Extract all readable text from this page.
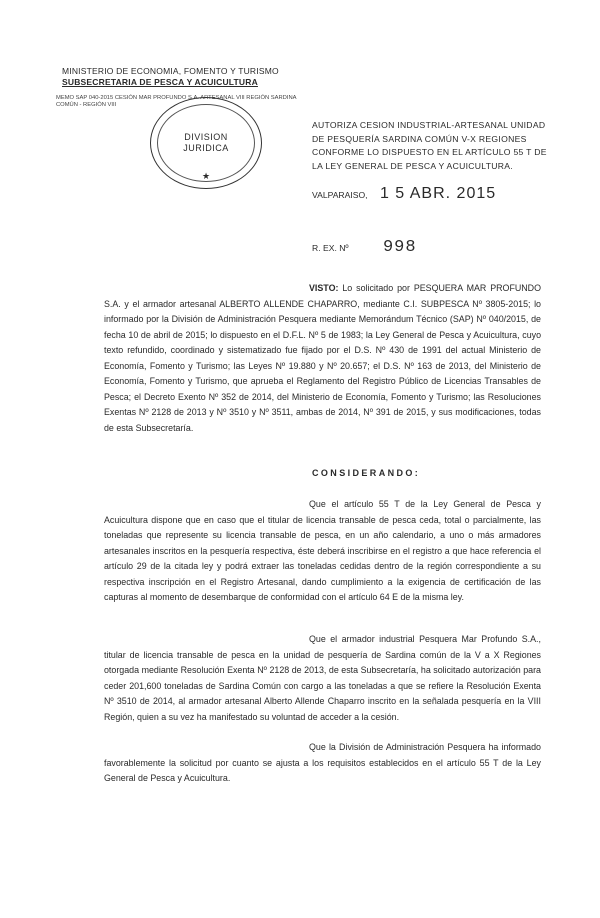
MINISTERIO DE ECONOMIA, FOMENTO Y TURISMO
SUBSECRETARIA DE PESCA Y ACUICULTURA
MEMO SAP 040-2015 CESIÓN MAR PROFUNDO S.A. ARTESANAL VIII REGIÓN SARDINA COMÚN - REGIÓN VIII
DIVISION
JURIDICA
★
AUTORIZA CESION INDUSTRIAL-ARTESANAL UNIDAD DE PESQUERÍA SARDINA COMÚN V-X REGIONES CONFORME LO DISPUESTO EN EL ARTÍCULO 55 T DE LA LEY GENERAL DE PESCA Y ACUICULTURA.
VALPARAISO, 1 5 ABR. 2015
R. EX. Nº 998
VISTO: Lo solicitado por PESQUERA MAR PROFUNDO S.A. y el armador artesanal ALBERTO ALLENDE CHAPARRO, mediante C.I. SUBPESCA Nº 3805-2015; lo informado por la División de Administración Pesquera mediante Memorándum Técnico (SAP) Nº 040/2015, de fecha 10 de abril de 2015; lo dispuesto en el D.F.L. Nº 5 de 1983; la Ley General de Pesca y Acuicultura, cuyo texto refundido, coordinado y sistematizado fue fijado por el D.S. Nº 430 de 1991 del actual Ministerio de Economía, Fomento y Turismo; las Leyes Nº 19.880 y Nº 20.657; el D.S. Nº 163 de 2013, del Ministerio de Economía, Fomento y Turismo, que aprueba el Reglamento del Registro Público de Licencias Transables de Pesca; el Decreto Exento Nº 352 de 2014, del Ministerio de Economía, Fomento y Turismo; las Resoluciones Exentas Nº 2128 de 2013 y Nº 3510 y Nº 3511, ambas de 2014, Nº 391 de 2015, y sus modificaciones, todas de esta Subsecretaría.
CONSIDERANDO:
Que el artículo 55 T de la Ley General de Pesca y Acuicultura dispone que en caso que el titular de licencia transable de pesca ceda, total o parcialmente, las toneladas que represente su licencia transable de pesca, en un año calendario, a uno o más armadores artesanales inscritos en la pesquería respectiva, éste deberá inscribirse en el registro a que hace referencia el artículo 29 de la citada ley y podrá extraer las toneladas cedidas dentro de la región correspondiente a su respectiva inscripción en el Registro Artesanal, dando cumplimiento a la exigencia de certificación de las capturas al momento de desembarque de conformidad con el artículo 64 E de la misma ley.
Que el armador industrial Pesquera Mar Profundo S.A., titular de licencia transable de pesca en la unidad de pesquería de Sardina común de la V a X Regiones otorgada mediante Resolución Exenta Nº 2128 de 2013, de esta Subsecretaría, ha solicitado autorización para ceder 201,600 toneladas de Sardina Común con cargo a las toneladas a que se refiere la Resolución Exenta Nº 3510 de 2014, al armador artesanal Alberto Allende Chaparro inscrito en la señalada pesquería en la VIII Región, quien a su vez ha manifestado su voluntad de acceder a la cesión.
Que la División de Administración Pesquera ha informado favorablemente la solicitud por cuanto se ajusta a los requisitos establecidos en el artículo 55 T de la Ley General de Pesca y Acuicultura.
